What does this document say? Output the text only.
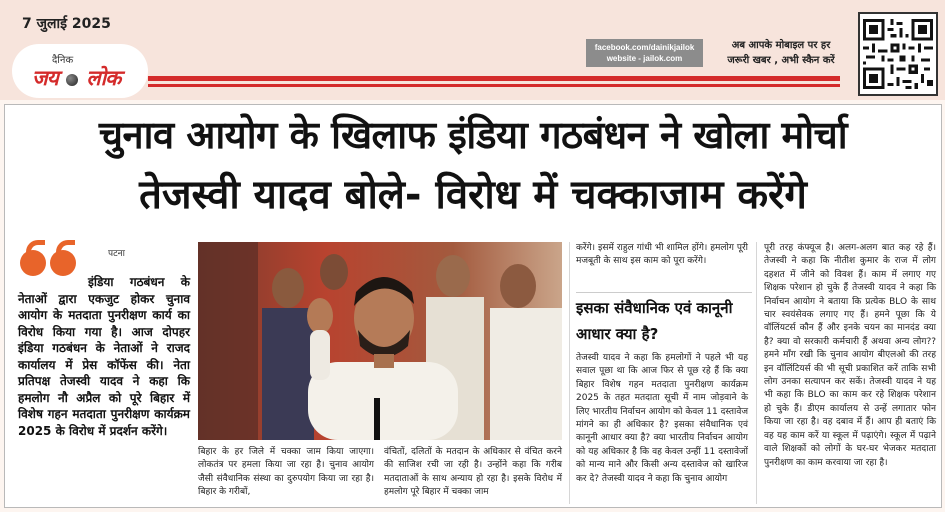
7 जुलाई 2025
दैनिक
जय लोक
facebook.com/dainikjailok
website - jailok.com
अब आपके मोबाइल पर हर
जरूरी खबर , अभी स्कैन करें
चुनाव आयोग के खिलाफ इंडिया गठबंधन ने खोला मोर्चा
तेजस्वी यादव बोले- विरोध में चक्काजाम करेंगे
पटना
इंडिया गठबंधन के नेताओं द्वारा एकजुट होकर चुनाव आयोग के मतदाता पुनरीक्षण कार्य का विरोध किया गया है। आज दोपहर इंडिया गठबंधन के नेताओं ने राजद कार्यालय में प्रेस कॉफेंस की। नेता प्रतिपक्ष तेजस्वी यादव ने कहा कि हमलोग नौ अप्रैल को पूरे बिहार में विशेष गहन मतदाता पुनरीक्षण कार्यक्रम 2025 के विरोध में प्रदर्शन करेंगे।
बिहार के हर जिले में चक्का जाम किया जाएगा। लोकतंत्र पर हमला किया जा रहा है। चुनाव आयोग जैसी संवैधानिक संस्था का दुरुपयोग किया जा रहा है। बिहार के गरीबों,
वंचितों, दलितों के मतदान के अधिकार से वंचित करने की साजिश रची जा रही है। उन्होंने कहा कि गरीब मतदाताओं के साथ अन्याय हो रहा है। इसके विरोध में हमलोग पूरे बिहार में चक्का जाम
करेंगे। इसमें राहुल गांधी भी शामिल होंगे। हमलोग पूरी मजबूती के साथ इस काम को पूरा करेंगे।
इसका संवैधानिक एवं कानूनी आधार क्या है?
तेजस्वी यादव ने कहा कि हमलोगों ने पहले भी यह सवाल पूछा था कि आज फिर से पूछ रहे हैं कि क्या बिहार विशेष गहन मतदाता पुनरीक्षण कार्यक्रम 2025 के तहत मतदाता सूची में नाम जोड़वाने के लिए भारतीय निर्वाचन आयोग को केवल 11 दस्तावेज मांगने का ही अधिकार है? इसका संवैधानिक एवं कानूनी आधार क्या है? क्या भारतीय निर्वाचन आयोग को यह अधिकार है कि वह केवल उन्हीं 11 दस्तावेजों को मान्य माने और किसी अन्य दस्तावेज को खारिज कर दे? तेजस्वी यादव ने कहा कि चुनाव आयोग
पूरी तरह कंफ्यूज है। अलग-अलग बात कह रहे हैं। तेजस्वी ने कहा कि नीतीश कुमार के राज में लोग दहशत में जीने को विवश हैं। काम में लगाए गए शिक्षक परेशान हो चुके हैं तेजस्वी यादव ने कहा कि निर्वाचन आयोग ने बताया कि प्रत्येक BLO के साथ चार स्वयंसेवक लगाए गए हैं। हमने पूछा कि ये वॉलिंयटर्स कौन हैं और इनके चयन का मानदंड क्या है? क्या वो सरकारी कर्मचारी हैं अथवा अन्य लोग?? हमने माँग रखी कि चुनाव आयोग बीएलओ की तरह इन वॉलिंटियर्स की भी सूची प्रकाशित करें ताकि सभी लोग उनका सत्यापन कर सकें। तेजस्वी यादव ने यह भी कहा कि BLO का काम कर रहे शिक्षक परेशान हो चुके हैं। डीएम कार्यालय से उन्हें लगातार फोन किया जा रहा है। वह दबाव में हैं। आप ही बताएं कि वह यह काम करें या स्कूल में पढ़ाएंगे। स्कूल में पढ़ाने वाले शिक्षकों को लोगों के घर-घर भेजकर मतदाता पुनरीक्षण का काम करवाया जा रहा है।
